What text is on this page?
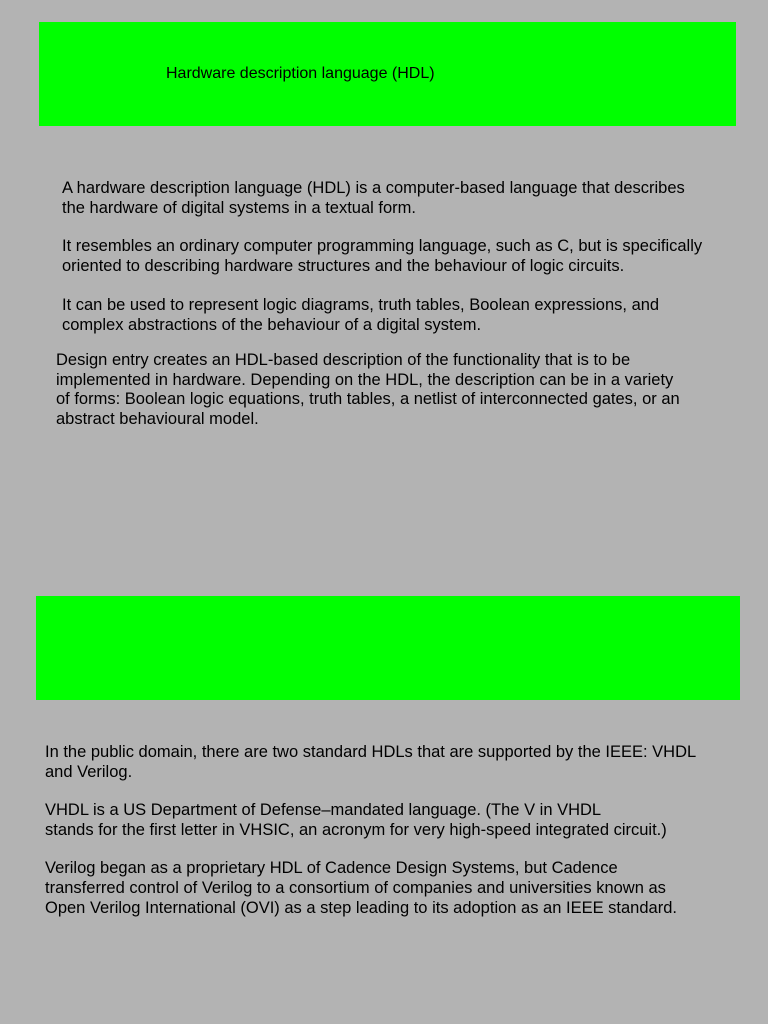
Hardware description language (HDL)
A hardware description language (HDL) is a computer-based language that describes
the hardware of digital systems in a textual form.
It resembles an ordinary computer programming language, such as C, but is specifically
oriented to describing hardware structures and the behaviour of logic circuits.
It can be used to represent logic diagrams, truth tables, Boolean expressions, and
complex abstractions of the behaviour of a digital system.
Design entry creates an HDL-based description of the functionality that is to be
implemented in hardware. Depending on the HDL, the description can be in a variety
of forms: Boolean logic equations, truth tables, a netlist of interconnected gates, or an
abstract behavioural model.
In the public domain, there are two standard HDLs that are supported by the IEEE: VHDL
and Verilog.
VHDL is a US Department of Defense–mandated language. (The V in VHDL
stands for the first letter in VHSIC, an acronym for very high-speed integrated circuit.)
Verilog began as a proprietary HDL of Cadence Design Systems, but Cadence
transferred control of Verilog to a consortium of companies and universities known as
Open Verilog International (OVI) as a step leading to its adoption as an IEEE standard.
